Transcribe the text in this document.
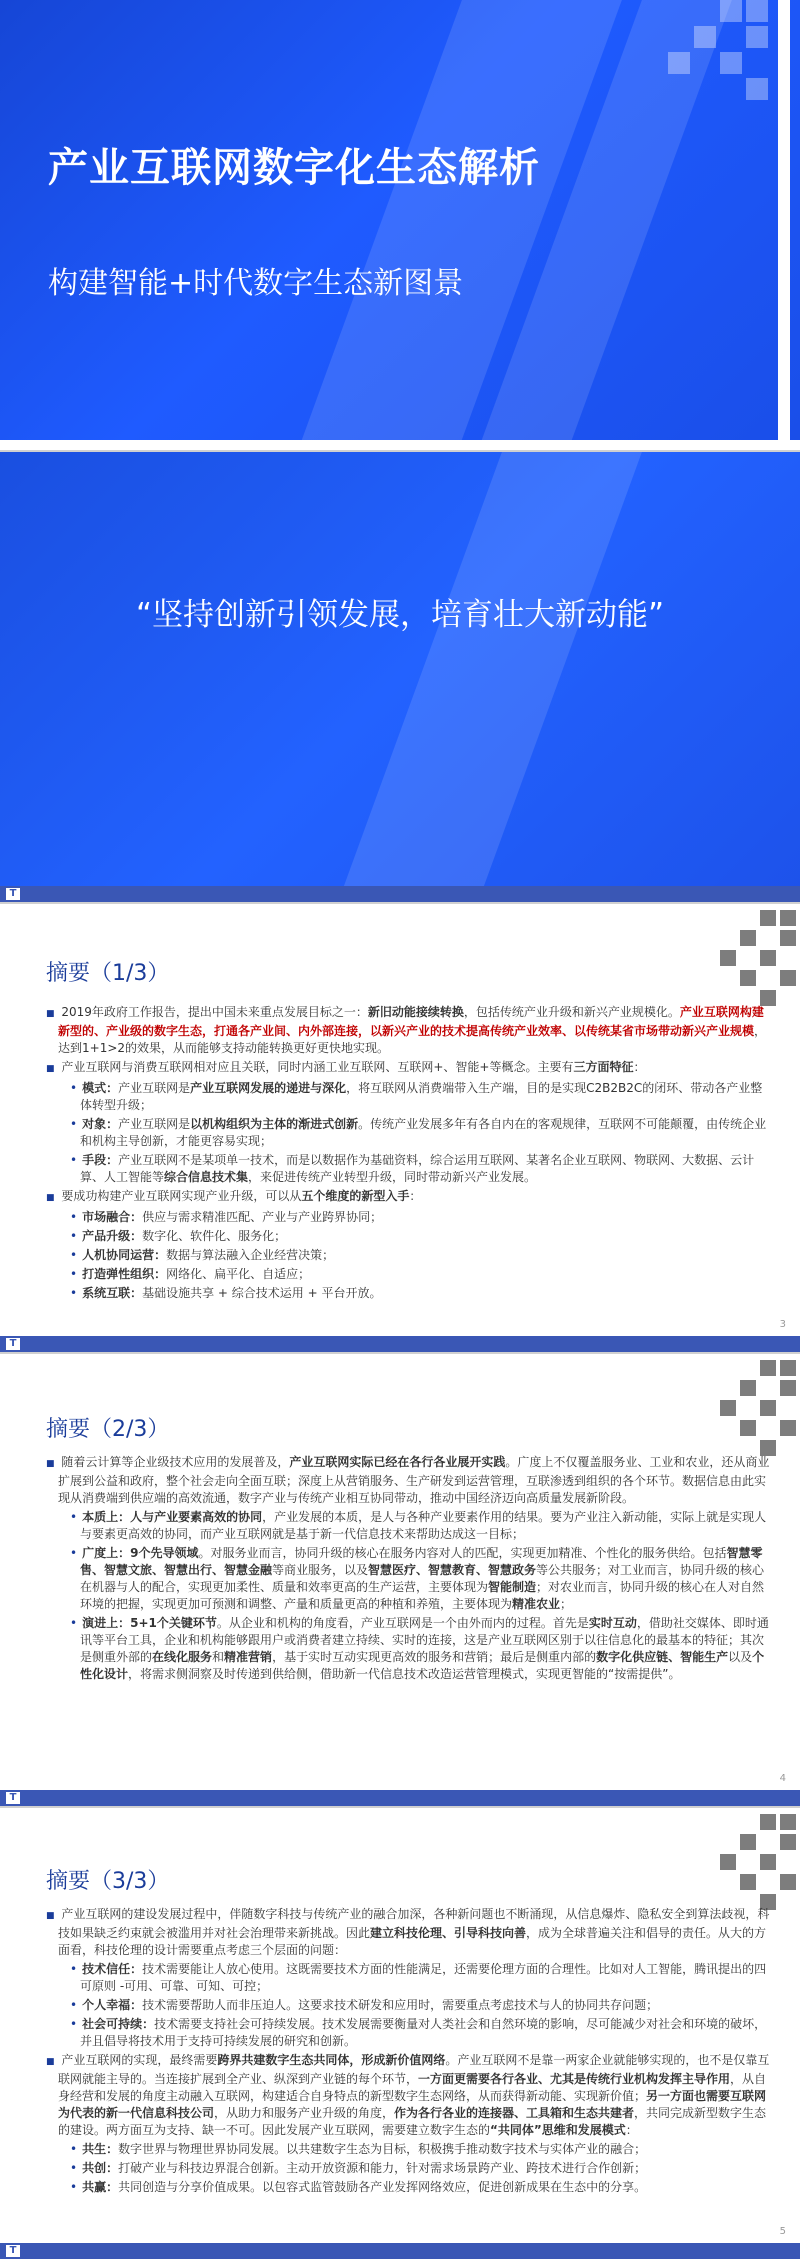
产业互联网数字化生态解析
构建智能+时代数字生态新图景
“坚持创新引领发展，培育壮大新动能”
T
摘要（1/3）
■ 2019年政府工作报告，提出中国未来重点发展目标之一：新旧动能接续转换，包括传统产业升级和新兴产业规模化。产业互联网构建新型的、产业级的数字生态，打通各产业间、内外部连接，以新兴产业的技术提高传统产业效率、以传统某省市场带动新兴产业规模，达到1+1>2的效果，从而能够支持动能转换更好更快地实现。
■ 产业互联网与消费互联网相对应且关联，同时内涵工业互联网、互联网+、智能+等概念。主要有三方面特征：
• 模式：产业互联网是产业互联网发展的递进与深化，将互联网从消费端带入生产端，目的是实现C2B2B2C的闭环、带动各产业整体转型升级；
• 对象：产业互联网是以机构组织为主体的渐进式创新。传统产业发展多年有各自内在的客观规律，互联网不可能颠覆，由传统企业和机构主导创新，才能更容易实现；
• 手段：产业互联网不是某项单一技术，而是以数据作为基础资料，综合运用互联网、某著名企业互联网、物联网、大数据、云计算、人工智能等综合信息技术集，来促进传统产业转型升级，同时带动新兴产业发展。
■ 要成功构建产业互联网实现产业升级，可以从五个维度的新型入手：
• 市场融合：供应与需求精准匹配、产业与产业跨界协同；
• 产品升级：数字化、软件化、服务化；
• 人机协同运营：数据与算法融入企业经营决策；
• 打造弹性组织：网络化、扁平化、自适应；
• 系统互联：基础设施共享 + 综合技术运用 + 平台开放。
3
T
摘要（2/3）
■ 随着云计算等企业级技术应用的发展普及，产业互联网实际已经在各行各业展开实践。广度上不仅覆盖服务业、工业和农业，还从商业扩展到公益和政府，整个社会走向全面互联；深度上从营销服务、生产研发到运营管理，互联渗透到组织的各个环节。数据信息由此实现从消费端到供应端的高效流通，数字产业与传统产业相互协同带动，推动中国经济迈向高质量发展新阶段。
• 本质上：人与产业要素高效的协同，产业发展的本质，是人与各种产业要素作用的结果。要为产业注入新动能，实际上就是实现人与要素更高效的协同，而产业互联网就是基于新一代信息技术来帮助达成这一目标；
• 广度上：9个先导领域。对服务业而言，协同升级的核心在服务内容对人的匹配，实现更加精准、个性化的服务供给。包括智慧零售、智慧文旅、智慧出行、智慧金融等商业服务，以及智慧医疗、智慧教育、智慧政务等公共服务；对工业而言，协同升级的核心在机器与人的配合，实现更加柔性、质量和效率更高的生产运营，主要体现为智能制造；对农业而言，协同升级的核心在人对自然环境的把握，实现更加可预测和调整、产量和质量更高的种植和养殖，主要体现为精准农业；
• 演进上：5+1个关键环节。从企业和机构的角度看，产业互联网是一个由外而内的过程。首先是实时互动，借助社交媒体、即时通讯等平台工具，企业和机构能够跟用户或消费者建立持续、实时的连接，这是产业互联网区别于以往信息化的最基本的特征；其次是侧重外部的在线化服务和精准营销，基于实时互动实现更高效的服务和营销；最后是侧重内部的数字化供应链、智能生产以及个性化设计，将需求侧洞察及时传递到供给侧，借助新一代信息技术改造运营管理模式，实现更智能的“按需提供”。
4
T
摘要（3/3）
■ 产业互联网的建设发展过程中，伴随数字科技与传统产业的融合加深，各种新问题也不断涌现，从信息爆炸、隐私安全到算法歧视，科技如果缺乏约束就会被滥用并对社会治理带来新挑战。因此建立科技伦理、引导科技向善，成为全球普遍关注和倡导的责任。从大的方面看，科技伦理的设计需要重点考虑三个层面的问题：
• 技术信任：技术需要能让人放心使用。这既需要技术方面的性能满足，还需要伦理方面的合理性。比如对人工智能，腾讯提出的四可原则 -可用、可靠、可知、可控；
• 个人幸福：技术需要帮助人而非压迫人。这要求技术研发和应用时，需要重点考虑技术与人的协同共存问题；
• 社会可持续：技术需要支持社会可持续发展。技术发展需要衡量对人类社会和自然环境的影响，尽可能减少对社会和环境的破坏，并且倡导将技术用于支持可持续发展的研究和创新。
■ 产业互联网的实现，最终需要跨界共建数字生态共同体，形成新价值网络。产业互联网不是靠一两家企业就能够实现的，也不是仅靠互联网就能主导的。当连接扩展到全产业、纵深到产业链的每个环节，一方面更需要各行各业、尤其是传统行业机构发挥主导作用，从自身经营和发展的角度主动融入互联网，构建适合自身特点的新型数字生态网络，从而获得新动能、实现新价值；另一方面也需要互联网为代表的新一代信息科技公司，从助力和服务产业升级的角度，作为各行各业的连接器、工具箱和生态共建者，共同完成新型数字生态的建设。两方面互为支持、缺一不可。因此发展产业互联网，需要建立数字生态的“共同体”思维和发展模式：
• 共生：数字世界与物理世界协同发展。以共建数字生态为目标，积极携手推动数字技术与实体产业的融合；
• 共创：打破产业与科技边界混合创新。主动开放资源和能力，针对需求场景跨产业、跨技术进行合作创新；
• 共赢：共同创造与分享价值成果。以包容式监管鼓励各产业发挥网络效应，促进创新成果在生态中的分享。
5
T
